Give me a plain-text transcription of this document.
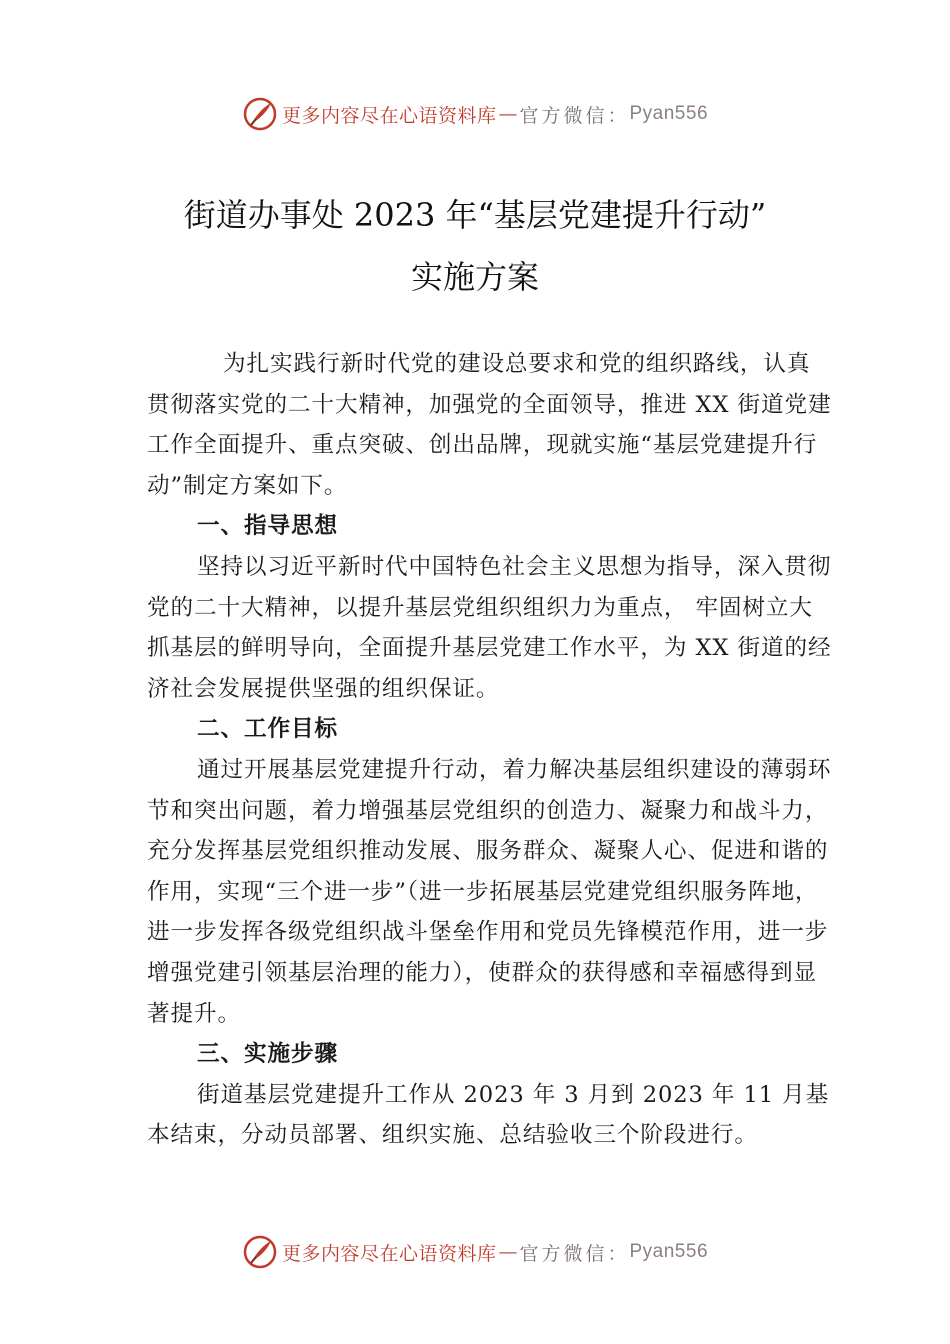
更多内容尽在心语资料库 — 官方微信： Pyan556
街道办事处 2023 年“基层党建提升行动”
实施方案

为扎实践行新时代党的建设总要求和党的组织路线，认真贯彻落实党的二十大精神，加强党的全面领导，推进 XX 街道党建工作全面提升、重点突破、创出品牌，现就实施“基层党建提升行动”制定方案如下。

一、指导思想

坚持以习近平新时代中国特色社会主义思想为指导，深入贯彻党的二十大精神，以提升基层党组织组织力为重点， 牢固树立大抓基层的鲜明导向，全面提升基层党建工作水平，为 XX 街道的经济社会发展提供坚强的组织保证。

二、工作目标

通过开展基层党建提升行动，着力解决基层组织建设的薄弱环节和突出问题，着力增强基层党组织的创造力、凝聚力和战斗力，充分发挥基层党组织推动发展、服务群众、凝聚人心、促进和谐的作用，实现“三个进一步”（进一步拓展基层党建党组织服务阵地，进一步发挥各级党组织战斗堡垒作用和党员先锋模范作用，进一步增强党建引领基层治理的能力），使群众的获得感和幸福感得到显著提升。

三、实施步骤

街道基层党建提升工作从 2023 年 3 月到 2023 年 11 月基本结束，分动员部署、组织实施、总结验收三个阶段进行。

更多内容尽在心语资料库 — 官方微信： Pyan556
